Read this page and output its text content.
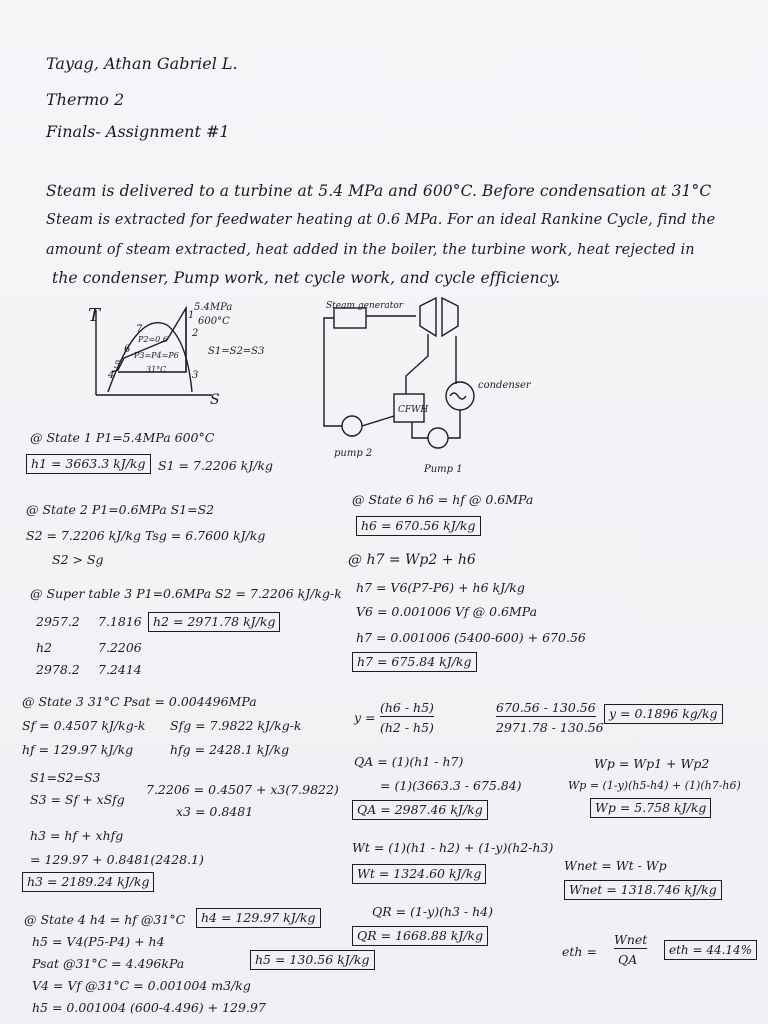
Tayag, Athan Gabriel L.
Thermo 2
Finals- Assignment #1
Steam is delivered to a turbine at 5.4 MPa and 600°C. Before condensation at 31°C
Steam is extracted for feedwater heating at 0.6 MPa. For an ideal Rankine Cycle, find the
amount of steam extracted, heat added in the boiler, the turbine work, heat rejected in
the condenser, Pump work, net cycle work, and cycle efficiency.
T
S
5.4MPa
600°C
S1=S2=S3
P2=0.6
P3=P4=P6
31°C
1
2
3
4
5
6
7
Steam generator
CFWH
condenser
pump 2
Pump 1
@ State 1 P1=5.4MPa 600°C
h1 = 3663.3 kJ/kg S1 = 7.2206 kJ/kg
@ State 2 P1=0.6MPa S1=S2
S2 = 7.2206 kJ/kg Tsg = 6.7600 kJ/kg
S2 > Sg
@ Super table 3 P1=0.6MPa S2 = 7.2206 kJ/kg-k
2957.2 7.1816 h2 = 2971.78 kJ/kg
h2	7.2206
2978.2 7.2414
@ State 3 31°C Psat = 0.004496MPa
Sf = 0.4507 kJ/kg-k Sfg = 7.9822 kJ/kg-k
hf = 129.97 kJ/kg	hfg = 2428.1 kJ/kg
S1=S2=S3
S3 = Sf + xSfg
7.2206 = 0.4507 + x3(7.9822)
x3 = 0.8481
h3 = hf + xhfg
= 129.97 + 0.8481(2428.1)
h3 = 2189.24 kJ/kg
@ State 4 h4 = hf @31°C	h4 = 129.97 kJ/kg
h5 = V4(P5-P4) + h4
Psat @31°C = 4.496kPa	h5 = 130.56 kJ/kg
V4 = Vf @31°C = 0.001004 m3/kg
h5 = 0.001004 (600-4.496) + 129.97
@ State 6 h6 = hf @ 0.6MPa
h6 = 670.56 kJ/kg
@ h7 = Wp2 + h6
h7 = V6(P7-P6) + h6 kJ/kg
V6 = 0.001006 Vf @ 0.6MPa
h7 = 0.001006 (5400-600) + 670.56
h7 = 675.84 kJ/kg
y =
(h6 - h5)
(h2 - h5)
670.56 - 130.56
2971.78 - 130.56
y = 0.1896 kg/kg
QA = (1)(h1 - h7)
= (1)(3663.3 - 675.84)
QA = 2987.46 kJ/kg
Wp = Wp1 + Wp2
Wp = (1-y)(h5-h4) + (1)(h7-h6)
Wp = 5.758 kJ/kg
Wt = (1)(h1 - h2) + (1-y)(h2-h3)
Wt = 1324.60 kJ/kg
Wnet = Wt - Wp
Wnet = 1318.746 kJ/kg
QR = (1-y)(h3 - h4)
QR = 1668.88 kJ/kg
eth =
Wnet
QA
eth = 44.14%
